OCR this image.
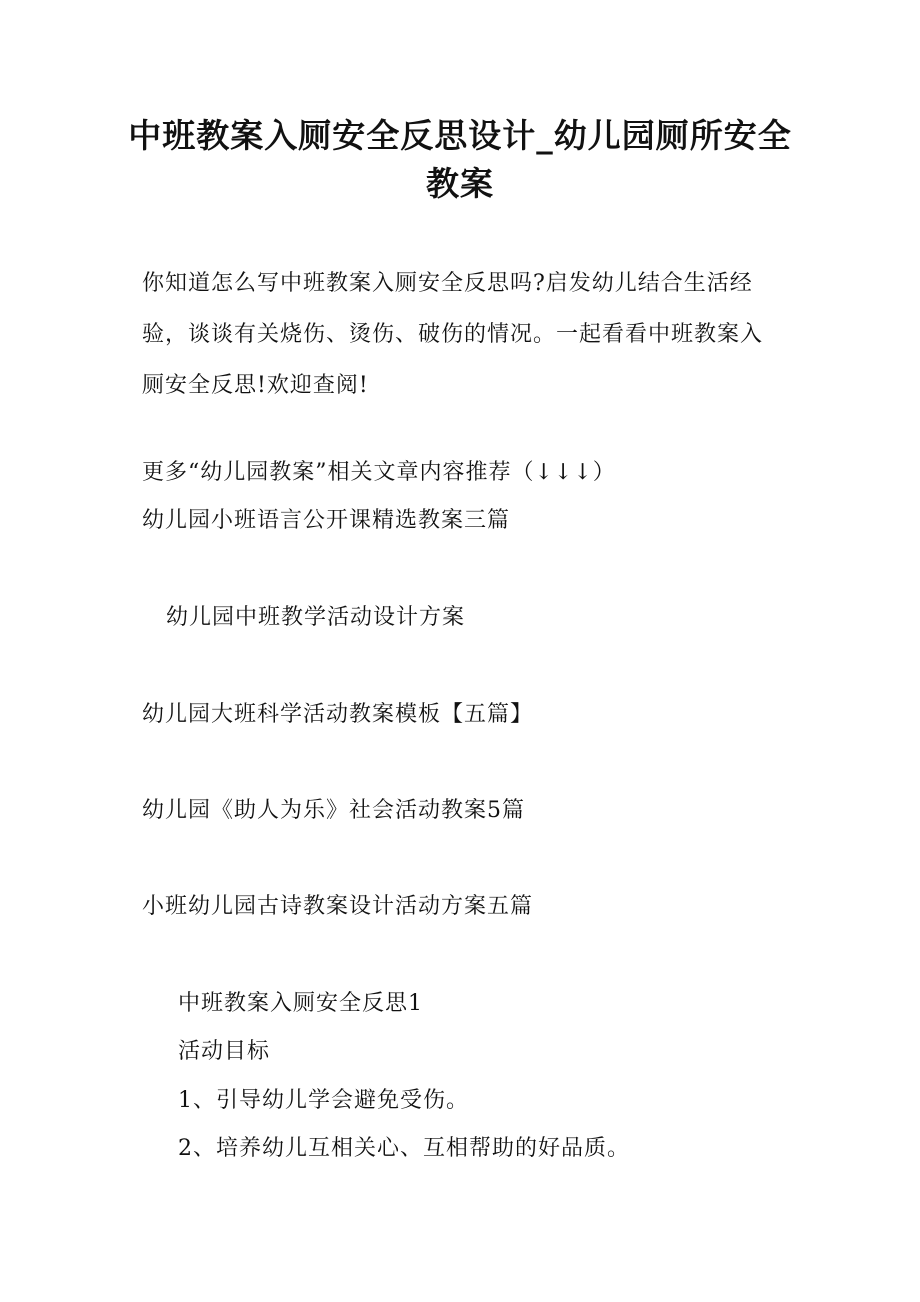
中班教案入厕安全反思设计_幼儿园厕所安全教案
你知道怎么写中班教案入厕安全反思吗?启发幼儿结合生活经验，谈谈有关烧伤、烫伤、破伤的情况。一起看看中班教案入厕安全反思!欢迎查阅!
更多“幼儿园教案”相关文章内容推荐（↓↓↓）
幼儿园小班语言公开课精选教案三篇
幼儿园中班教学活动设计方案
幼儿园大班科学活动教案模板【五篇】
幼儿园《助人为乐》社会活动教案5篇
小班幼儿园古诗教案设计活动方案五篇
中班教案入厕安全反思1
活动目标
1、引导幼儿学会避免受伤。
2、培养幼儿互相关心、互相帮助的好品质。
